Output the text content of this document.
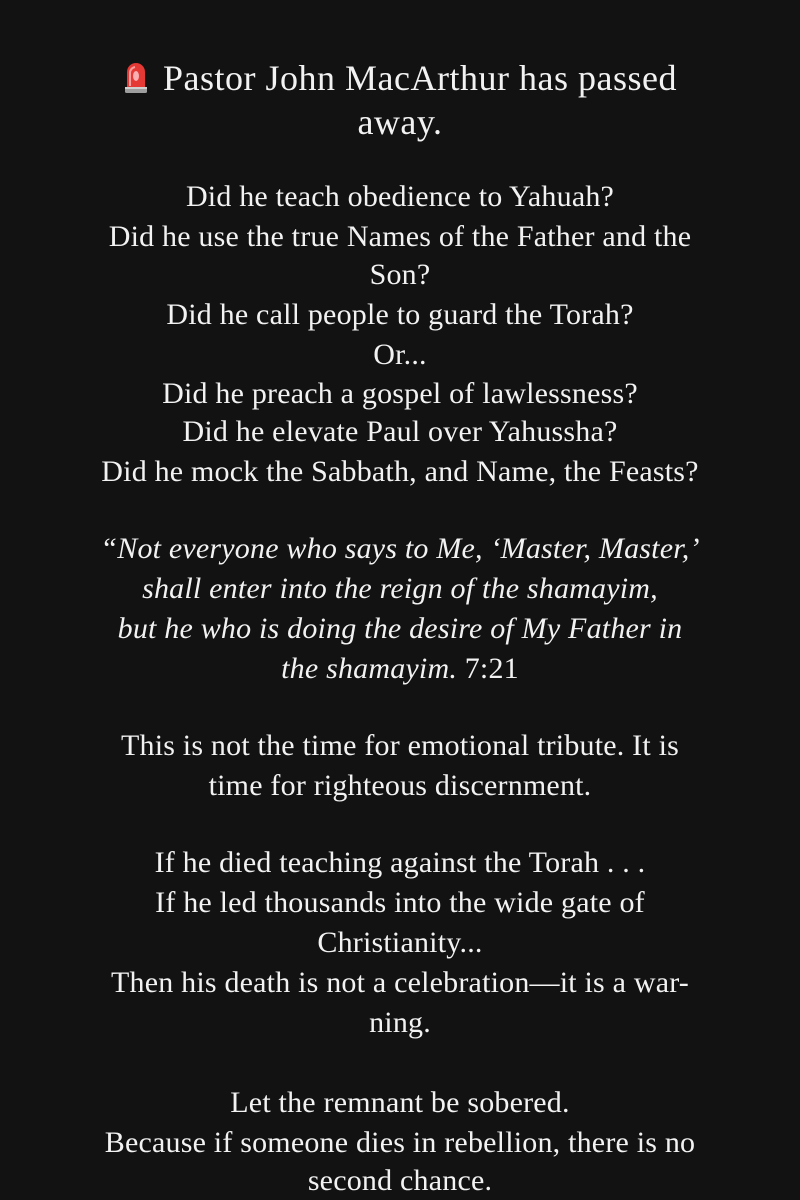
Pastor John MacArthur has passed
away.
Did he teach obedience to Yahuah?
Did he use the true Names of the Father and the
Son?
Did he call people to guard the Torah?
Or...
Did he preach a gospel of lawlessness?
Did he elevate Paul over Yahussha?
Did he mock the Sabbath, and Name, the Feasts?
“Not everyone who says to Me, ‘Master, Master,’
shall enter into the reign of the shamayim,
but he who is doing the desire of My Father in
the shamayim. 7:21
This is not the time for emotional tribute. It is
time for righteous discernment.
If he died teaching against the Torah . . .
If he led thousands into the wide gate of
Christianity...
Then his death is not a celebration—it is a war-
ning.
Let the remnant be sobered.
Because if someone dies in rebellion, there is no
second chance.
